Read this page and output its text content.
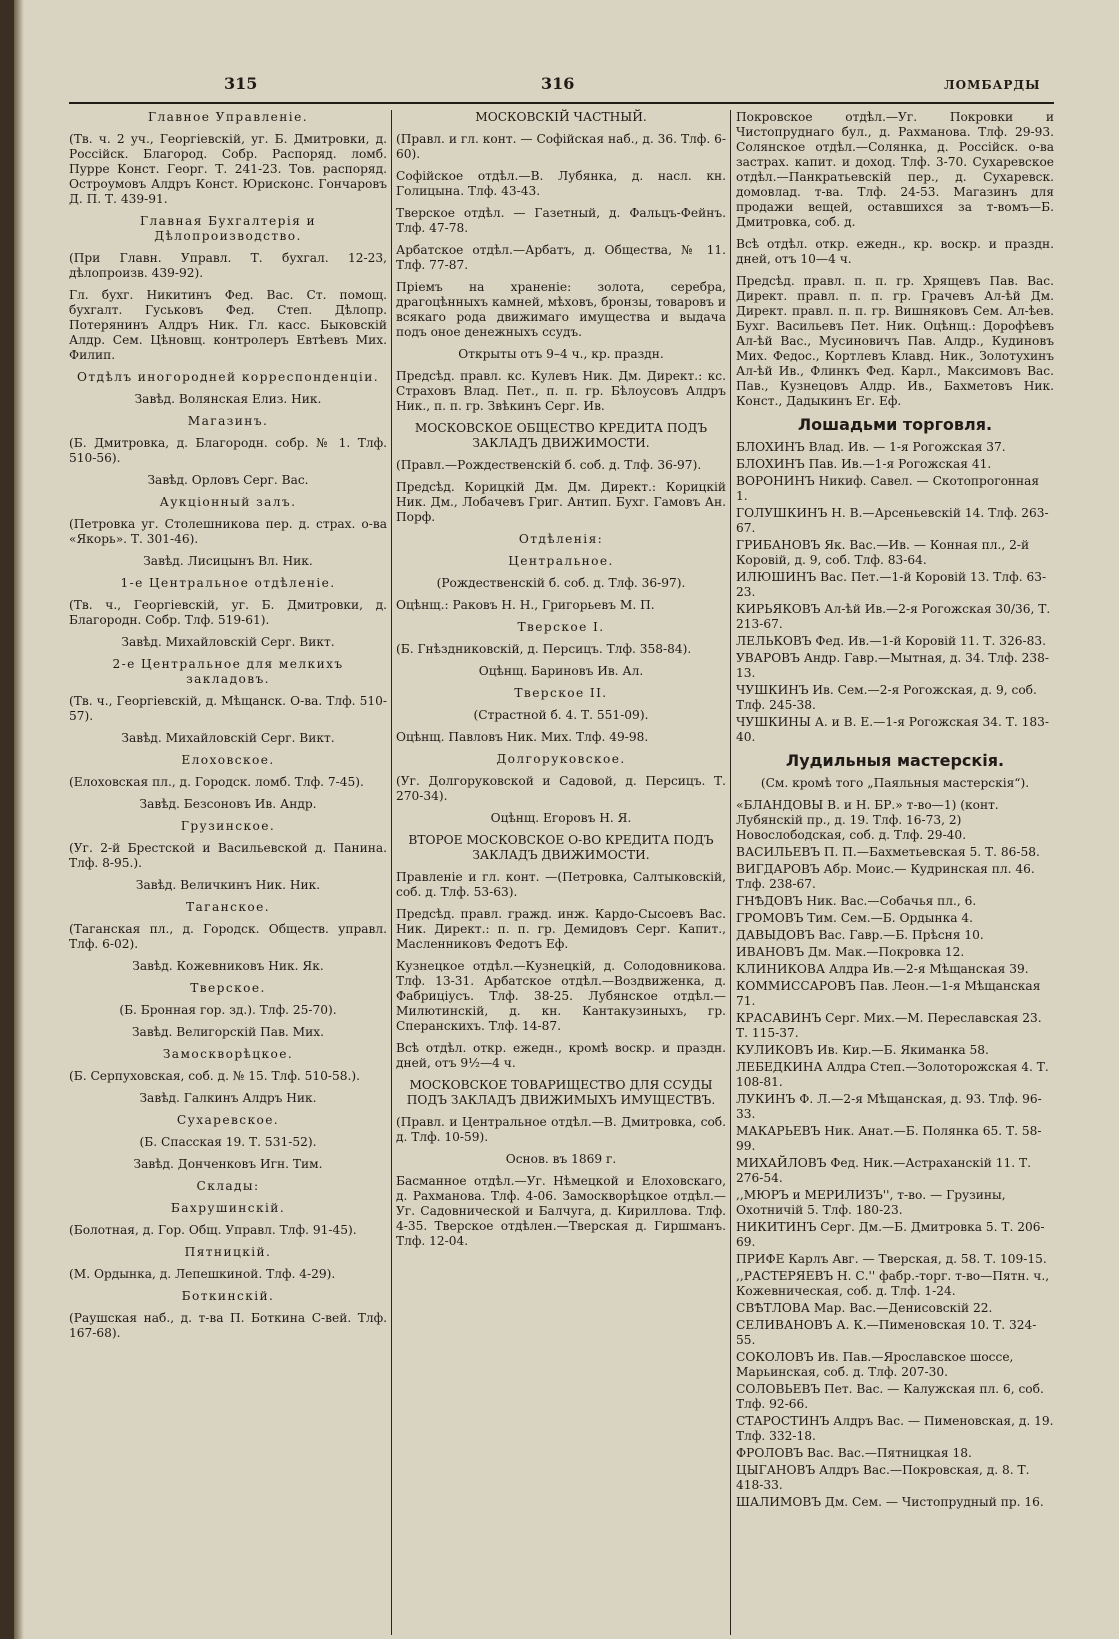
315	316	ЛОМБАРДЫ
Главное Управленіе.
(Тв. ч. 2 уч., Георгіевскій, уг. Б. Дмитровки, д. Россійск. Благород. Собр. Распоряд. ломб. Пурре Конст. Георг. Т. 241-23. Тов. распоряд. Остроумовъ Алдръ Конст. Юрисконс. Гончаровъ Д. П. Т. 439-91.
Главная Бухгалтерія и Дѣлопроизводство.
(При Главн. Управл. Т. бухгал. 12-23, дѣлопроизв. 439-92).
Гл. бухг. Никитинъ Фед. Вас. Ст. помощ. бухгалт. Гуськовъ Фед. Степ. Дѣлопр. Потерянинъ Алдръ Ник. Гл. касс. Быковскій Алдр. Сем. Цѣновщ. контролеръ Евтѣевъ Мих. Филип.
Отдѣлъ иногородней корреспонденціи.
Завѣд. Волянская Елиз. Ник.
Магазинъ.
(Б. Дмитровка, д. Благородн. собр. № 1. Тлф. 510-56).
Завѣд. Орловъ Серг. Вас.
Аукціонный залъ.
(Петровка уг. Столешникова пер. д. страх. о-ва «Якорь». Т. 301-46).
Завѣд. Лисицынъ Вл. Ник.
1-е Центральное отдѣленіе.
(Тв. ч., Георгіевскій, уг. Б. Дмитровки, д. Благородн. Собр. Тлф. 519-61).
Завѣд. Михайловскій Серг. Викт.
2-е Центральное для мелкихъ закладовъ.
(Тв. ч., Георгіевскій, д. Мѣщанск. О-ва. Тлф. 510-57).
Завѣд. Михайловскій Серг. Викт.
Елоховское.
(Елоховская пл., д. Городск. ломб. Тлф. 7-45).
Завѣд. Безсоновъ Ив. Андр.
Грузинское.
(Уг. 2-й Брестской и Васильевской д. Панина. Тлф. 8-95.).
Завѣд. Величкинъ Ник. Ник.
Таганское.
(Таганская пл., д. Городск. Обществ. управл. Тлф. 6-02).
Завѣд. Кожевниковъ Ник. Як.
Тверское.
(Б. Бронная гор. зд.). Тлф. 25-70).
Завѣд. Велигорскій Пав. Мих.
Замоскворѣцкое.
(Б. Серпуховская, соб. д. № 15. Тлф. 510-58.).
Завѣд. Галкинъ Алдръ Ник.
Сухаревское.
(Б. Спасская 19. Т. 531-52).
Завѣд. Донченковъ Игн. Тим.
Склады:
Бахрушинскій.
(Болотная, д. Гор. Общ. Управл. Тлф. 91-45).
Пятницкій.
(М. Ордынка, д. Лепешкиной. Тлф. 4-29).
Боткинскій.
(Раушская наб., д. т-ва П. Боткина С-вей. Тлф. 167-68).
МОСКОВСКІЙ ЧАСТНЫЙ.
(Правл. и гл. конт. — Софійская наб., д. 36. Тлф. 6-60).
Софійское отдѣл.—В. Лубянка, д. насл. кн. Голицына. Тлф. 43-43.
Тверское отдѣл. — Газетный, д. Фальцъ-Фейнъ. Тлф. 47-78.
Арбатское отдѣл.—Арбатъ, д. Общества, № 11. Тлф. 77-87.
Пріемъ на храненіе: золота, серебра, драгоцѣнныхъ камней, мѣховъ, бронзы, товаровъ и всякаго рода движимаго имущества и выдача подъ оное денежныхъ ссудъ.
Открыты отъ 9–4 ч., кр. праздн.
Предсѣд. правл. кс. Кулевъ Ник. Дм. Директ.: кс. Страховъ Влад. Пет., п. п. гр. Бѣлоусовъ Алдръ Ник., п. п. гр. Звѣкинъ Серг. Ив.
МОСКОВСКОЕ ОБЩЕСТВО КРЕДИТА ПОДЪ ЗАКЛАДЪ ДВИЖИМОСТИ.
(Правл.—Рождественскій б. соб. д. Тлф. 36-97).
Предсѣд. Корицкій Дм. Дм. Директ.: Корицкій Ник. Дм., Лобачевъ Григ. Антип. Бухг. Гамовъ Ан. Порф.
Отдѣленія:
Центральное.
(Рождественскій б. соб. д. Тлф. 36-97).
Оцѣнщ.: Раковъ Н. Н., Григорьевъ М. П.
Тверское I.
(Б. Гнѣздниковскій, д. Персицъ. Тлф. 358-84).
Оцѣнщ. Бариновъ Ив. Ал.
Тверское II.
(Страстной б. 4. Т. 551-09).
Оцѣнщ. Павловъ Ник. Мих. Тлф. 49-98.
Долгоруковское.
(Уг. Долгоруковской и Садовой, д. Персицъ. Т. 270-34).
Оцѣнщ. Егоровъ Н. Я.
ВТОРОЕ МОСКОВСКОЕ О-ВО КРЕДИТА ПОДЪ ЗАКЛАДЪ ДВИЖИМОСТИ.
Правленіе и гл. конт. —(Петровка, Салтыковскій, соб. д. Тлф. 53-63).
Предсѣд. правл. гражд. инж. Кардо-Сысоевъ Вас. Ник. Директ.: п. п. гр. Демидовъ Серг. Капит., Масленниковъ Федотъ Еф.
Кузнецкое отдѣл.—Кузнецкій, д. Солодовникова. Тлф. 13-31. Арбатское отдѣл.—Воздвиженка, д. Фабриціусъ. Тлф. 38-25. Лубянское отдѣл.—Милютинскій, д. кн. Кантакузиныхъ, гр. Сперанскихъ. Тлф. 14-87.
Всѣ отдѣл. откр. ежедн., кромѣ воскр. и праздн. дней, отъ 9½—4 ч.
МОСКОВСКОЕ ТОВАРИЩЕСТВО ДЛЯ ССУДЫ ПОДЪ ЗАКЛАДЪ ДВИЖИМЫХЪ ИМУЩЕСТВЪ.
(Правл. и Центральное отдѣл.—В. Дмитровка, соб. д. Тлф. 10-59).
Основ. въ 1869 г.
Басманное отдѣл.—Уг. Нѣмецкой и Елоховскаго, д. Рахманова. Тлф. 4-06. Замоскворѣцкое отдѣл.—Уг. Садовнической и Балчуга, д. Кириллова. Тлф. 4-35. Тверское отдѣлен.—Тверская д. Гиршманъ. Тлф. 12-04.
Покровское отдѣл.—Уг. Покровки и Чистопруднаго бул., д. Рахманова. Тлф. 29-93. Солянское отдѣл.—Солянка, д. Россійск. о-ва застрах. капит. и доход. Тлф. 3-70. Сухаревское отдѣл.—Панкратьевскій пер., д. Сухаревск. домовлад. т-ва. Тлф. 24-53. Магазинъ для продажи вещей, оставшихся за т-вомъ—Б. Дмитровка, соб. д.
Всѣ отдѣл. откр. ежедн., кр. воскр. и праздн. дней, отъ 10—4 ч.
Предсѣд. правл. п. п. гр. Хрящевъ Пав. Вас. Директ. правл. п. п. гр. Грачевъ Ал-ѣй Дм. Директ. правл. п. п. гр. Вишняковъ Сем. Ал-ѣев. Бухг. Васильевъ Пет. Ник. Оцѣнщ.: Дорофѣевъ Ал-ѣй Вас., Мусиновичъ Пав. Алдр., Кудиновъ Мих. Федос., Кортлевъ Клавд. Ник., Золотухинъ Ал-ѣй Ив., Флинкъ Фед. Карл., Максимовъ Вас. Пав., Кузнецовъ Алдр. Ив., Бахметовъ Ник. Конст., Дадыкинъ Ег. Еф.
Лошадьми торговля.
БЛОХИНЪ Влад. Ив. — 1-я Рогожская 37.
БЛОХИНЪ Пав. Ив.—1-я Рогожская 41.
ВОРОНИНЪ Никиф. Савел. — Скотопрогонная 1.
ГОЛУШКИНЪ Н. В.—Арсеньевскій 14. Тлф. 263-67.
ГРИБАНОВЪ Як. Вас.—Ив. — Конная пл., 2-й Коровій, д. 9, соб. Тлф. 83-64.
ИЛЮШИНЪ Вас. Пет.—1-й Коровій 13. Тлф. 63-23.
КИРЬЯКОВЪ Ал-ѣй Ив.—2-я Рогожская 30/36, Т. 213-67.
ЛЕЛЬКОВЪ Фед. Ив.—1-й Коровій 11. Т. 326-83.
УВАРОВЪ Андр. Гавр.—Мытная, д. 34. Тлф. 238-13.
ЧУШКИНЪ Ив. Сем.—2-я Рогожская, д. 9, соб. Тлф. 245-38.
ЧУШКИНЫ А. и В. Е.—1-я Рогожская 34. Т. 183-40.
Лудильныя мастерскія.
(См. кромѣ того „Паяльныя мастерскія“).
«БЛАНДОВЫ В. и Н. БР.» т-во—1) (конт. Лубянскій пр., д. 19. Тлф. 16-73, 2) Новослободская, соб. д. Тлф. 29-40.
ВАСИЛЬЕВЪ П. П.—Бахметьевская 5. Т. 86-58.
ВИГДАРОВЪ Абр. Моис.— Кудринская пл. 46. Тлф. 238-67.
ГНѢДОВЪ Ник. Вас.—Собачья пл., 6.
ГРОМОВЪ Тим. Сем.—Б. Ордынка 4.
ДАВЫДОВЪ Вас. Гавр.—Б. Прѣсня 10.
ИВАНОВЪ Дм. Мак.—Покровка 12.
КЛИНИКОВА Алдра Ив.—2-я Мѣщанская 39.
КОММИССАРОВЪ Пав. Леон.—1-я Мѣщанская 71.
КРАСАВИНЪ Серг. Мих.—М. Переславская 23. Т. 115-37.
КУЛИКОВЪ Ив. Кир.—Б. Якиманка 58.
ЛЕБЕДКИНА Алдра Степ.—Золоторожская 4. Т. 108-81.
ЛУКИНЪ Ф. Л.—2-я Мѣщанская, д. 93. Тлф. 96-33.
МАКАРЬЕВЪ Ник. Анат.—Б. Полянка 65. Т. 58-99.
МИХАЙЛОВЪ Фед. Ник.—Астраханскій 11. Т. 276-54.
,,МЮРЪ и МЕРИЛИЗЪ'', т-во. — Грузины, Охотничій 5. Тлф. 180-23.
НИКИТИНЪ Серг. Дм.—Б. Дмитровка 5. Т. 206-69.
ПРИФЕ Карлъ Авг. — Тверская, д. 58. Т. 109-15.
,,РАСТЕРЯЕВЪ Н. С.'' фабр.-торг. т-во—Пятн. ч., Кожевническая, соб. д. Тлф. 1-24.
СВѢТЛОВА Мар. Вас.—Денисовскій 22.
СЕЛИВАНОВЪ А. К.—Пименовская 10. Т. 324-55.
СОКОЛОВЪ Ив. Пав.—Ярославское шоссе, Марьинская, соб. д. Тлф. 207-30.
СОЛОВЬЕВЪ Пет. Вас. — Калужская пл. 6, соб. Тлф. 92-66.
СТАРОСТИНЪ Алдръ Вас. — Пименовская, д. 19. Тлф. 332-18.
ФРОЛОВЪ Вас. Вас.—Пятницкая 18.
ЦЫГАНОВЪ Алдръ Вас.—Покровская, д. 8. Т. 418-33.
ШАЛИМОВЪ Дм. Сем. — Чистопрудный пр. 16.
